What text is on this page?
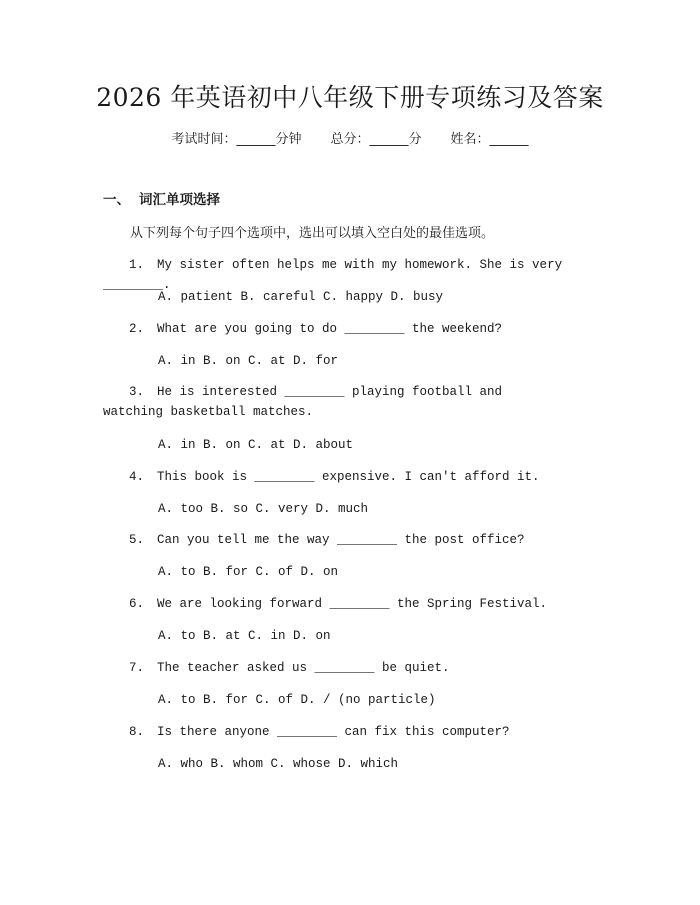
2026 年英语初中八年级下册专项练习及答案
考试时间：______分钟 总分：______分 姓名：______
一、 词汇单项选择
从下列每个句子四个选项中，选出可以填入空白处的最佳选项。
1. My sister often helps me with my homework. She is very ________.
A. patient B. careful C. happy D. busy
2. What are you going to do ________ the weekend?
A. in B. on C. at D. for
3. He is interested ________ playing football and watching basketball matches.
A. in B. on C. at D. about
4. This book is ________ expensive. I can't afford it.
A. too B. so C. very D. much
5. Can you tell me the way ________ the post office?
A. to B. for C. of D. on
6. We are looking forward ________ the Spring Festival.
A. to B. at C. in D. on
7. The teacher asked us ________ be quiet.
A. to B. for C. of D. / (no particle)
8. Is there anyone ________ can fix this computer?
A. who B. whom C. whose D. which
